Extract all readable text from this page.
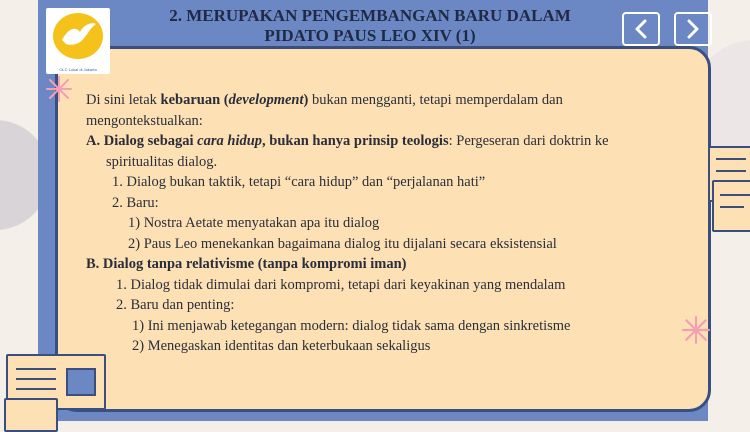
OLC Lokal di Jakarta
2. MERUPAKAN PENGEMBANGAN BARU DALAM
PIDATO PAUS LEO XIV (1)

Di sini letak kebaruan (development) bukan mengganti, tetapi memperdalam dan

mengontekstualkan:

A. Dialog sebagai cara hidup, bukan hanya prinsip teologis: Pergeseran dari doktrin ke

spiritualitas dialog.

1. Dialog bukan taktik, tetapi “cara hidup” dan “perjalanan hati”

2. Baru:

1) Nostra Aetate menyatakan apa itu dialog

2) Paus Leo menekankan bagaimana dialog itu dijalani secara eksistensial

B. Dialog tanpa relativisme (tanpa kompromi iman)

1. Dialog tidak dimulai dari kompromi, tetapi dari keyakinan yang mendalam

2. Baru dan penting:

1) Ini menjawab ketegangan modern: dialog tidak sama dengan sinkretisme

2) Menegaskan identitas dan keterbukaan sekaligus
